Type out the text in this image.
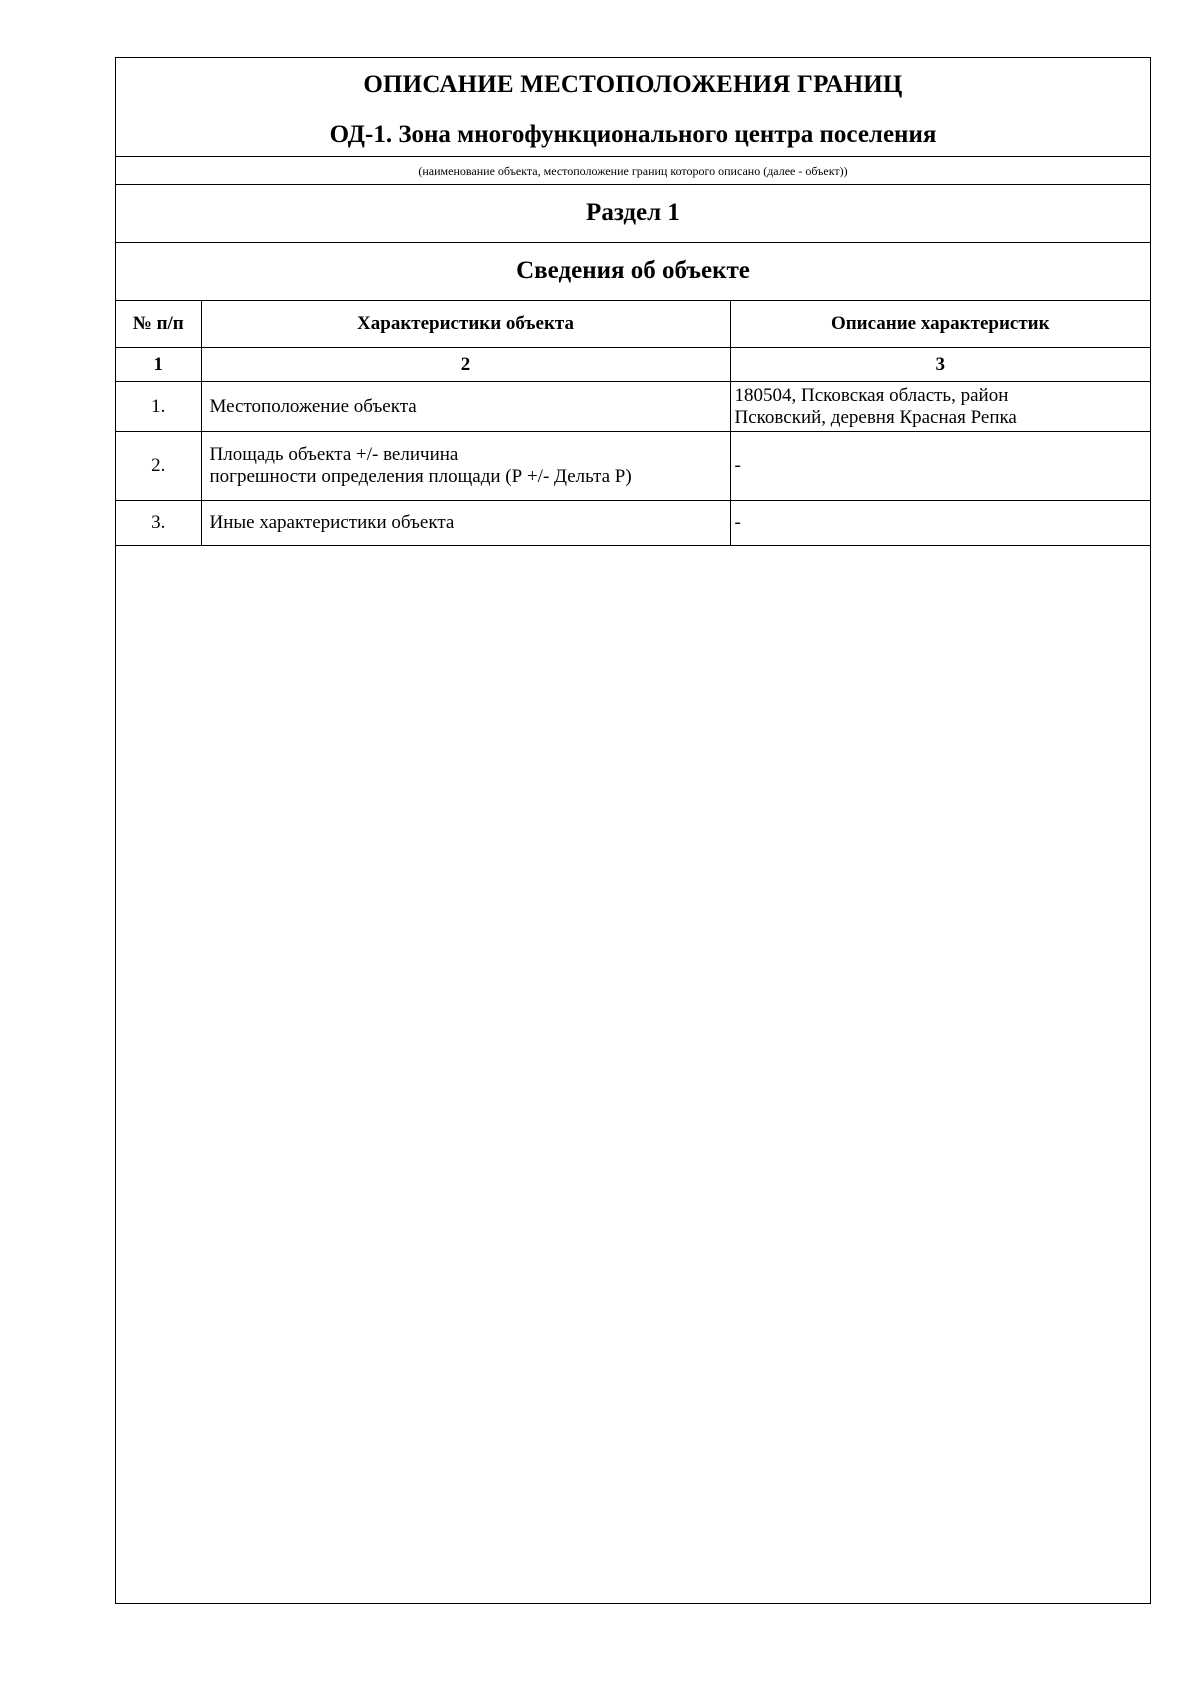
ОПИСАНИЕ МЕСТОПОЛОЖЕНИЯ ГРАНИЦ
ОД-1. Зона многофункционального центра поселения
(наименование объекта, местоположение границ которого описано (далее - объект))
Раздел 1
Сведения об объекте
№ п/п	Характеристики объекта	Описание характеристик
1	2	3
1.	Местоположение объекта	180504, Псковская область, район
Псковский, деревня Красная Репка

2.	Площадь объекта +/- величина
погрешности определения площади (Р +/- Дельта Р)	-

3.	Иные характеристики объекта	-
